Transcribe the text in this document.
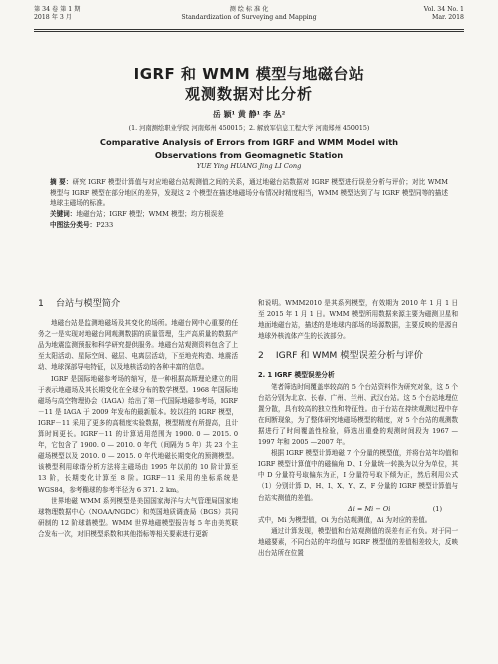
第 34 卷 第 1 期
2018 年 3 月
测 绘 标 准 化
Standardization of Surveying and Mapping
Vol. 34 No. 1
Mar. 2018
IGRF 和 WMM 模型与地磁台站
观测数据对比分析
岳 颖¹ 黄 静¹ 李 丛²
(1. 河南测绘职业学院 河南郑州 450015；2. 解放军信息工程大学 河南郑州 450015)
Comparative Analysis of Errors from IGRF and WMM Model with
Observations from Geomagnetic Station
YUE Ying HUANG Jing LI Cong
摘 要：研究 IGRF 模型计算值与对应地磁台站观测值之间的关系，通过地磁台站数据对 IGRF 模型进行误差分析与评价；对比 WMM 模型与 IGRF 模型在部分地区的差异，发现这 2 个模型在描述地磁场分布情况时精度相当，WMM 模型达到了与 IGRF 模型同等的描述地球主磁场的标准。
关键词：地磁台站；IGRF 模型；WMM 模型；均方根误差
中图法分类号：P233
1 台站与模型简介

地磁台站是监测地磁场及其变化的场所。地磁台网中心重要的任务之一是实现对地磁台网观测数据的质量管理，生产高质量的数据产品为地震监测预报和科学研究提供服务。地磁台站观测资料包含了上至太阳活动、星际空间、磁层、电离层活动，下至地壳构造、地震活动、地球深部导电特征，以及地核活动的各种丰富的信息。

IGRF 是国际地磁参考场的缩写，是一种根据高斯理论建立的用于表示地磁场及其长期变化在全球分布的数学模型。1968 年国际地磁场与高空物理协会（IAGA）给出了第一代国际地磁参考场，IGRF－11 是 IAGA 于 2009 年发布的最新版本。较以往的 IGRF 模型，IGRF－11 采用了更多的高精度实验数据，模型精度有所提高，且计算时间更长。IGRF－11 的计算适用范围为 1900. 0 — 2015. 0 年，它包含了 1900. 0 — 2010. 0 年代（间隔为 5 年）共 23 个主磁场模型以及 2010. 0 — 2015. 0 年代地磁长期变化的预测模型。该模型利用球谐分析方法将主磁场由 1995 年以前的 10 阶计算至 13 阶，长期变化计算至 8 阶。IGRF－11 采用的坐标系统是 WGS84，参考椭球的参考半径为 6 371. 2 km。

世界地磁 WMM 系列模型是美国国家海洋与大气管理局国家地球物理数据中心（NOAA/NGDC）和英国地质调查局（BGS）共同研制的 12 阶球谐模型。WMM 世界地磁模型报告每 5 年由美英联合发布一次，对旧模型系数和其他指标等相关要素进行更新

和说明。WMM2010 是其系列模型，有效期为 2010 年 1 月 1 日至 2015 年 1 月 1 日。WMM 模型所用数据来源主要为磁测卫星和地面地磁台站，描述的是地球内部场的场源数据，主要反映的是源自地球外核流体产生的长波部分。

2 IGRF 和 WMM 模型误差分析与评价
2. 1 IGRF 模型误差分析

笔者筛选时间覆盖率较高的 5 个台站资料作为研究对象，这 5 个台站分别为北京、长春、广州、兰州、武汉台站。这 5 个台站地理位置分散，具有较高的独立性和特征性。由于台站在持续观测过程中存在间断现象，为了整体研究地磁场模型的精度，对 5 个台站的观测数据进行了时间覆盖性检验，筛选出重叠的观测时间段为 1967 — 1997 年和 2005 —2007 年。

根据 IGRF 模型计算地磁 7 个分量的模型值，并将台站年均值和 IGRF 模型计算值中的磁偏角 D、I 分量统一转换为以分为单位，其中 D 分量符号取偏东为正，I 分量符号取下倾为正，然后利用公式（1）分别计算 D、H、I、X、Y、Z、F 分量的 IGRF 模型计算值与台站实测值的差值。

Δi = Mi − Oi	(1)

式中，Mi 为模型值，Oi 为台站观测值，Δi 为对应的差值。

通过计算发现，模型值和台站观测值的误差有正有负。对于同一地磁要素，不同台站的年均值与 IGRF 模型值的差值相差较大，反映出台站所在位置
